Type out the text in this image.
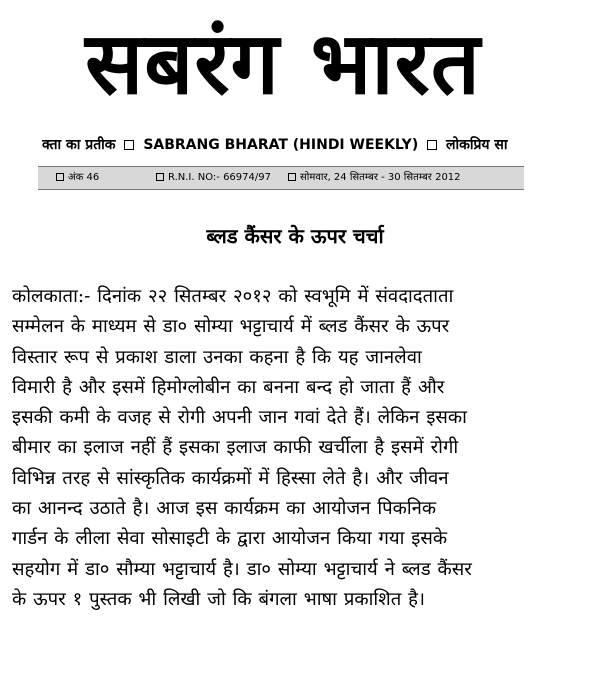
सबरंग भारत
क्ता का प्रतीक SABRANG BHARAT (HINDI WEEKLY) लोकप्रिय सा
अंक 46	R.N.I. NO:- 66974/97	सोमवार, 24 सितम्बर - 30 सितम्बर 2012
ब्लड कैंसर के ऊपर चर्चा
कोलकाता:- दिनांक २२ सितम्बर २०१२ को स्वभूमि में संवदादताता
सम्मेलन के माध्यम से डा० सोम्या भट्टाचार्य में ब्लड कैंसर के ऊपर
विस्तार रूप से प्रकाश डाला उनका कहना है कि यह जानलेवा
विमारी है और इसमें हिमोग्लोबीन का बनना बन्द हो जाता हैं और
इसकी कमी के वजह से रोगी अपनी जान गवां देते हैं। लेकिन इसका
बीमार का इलाज नहीं हैं इसका इलाज काफी खर्चीला है इसमें रोगी
विभिन्न तरह से सांस्कृतिक कार्यक्रमों में हिस्सा लेते है। और जीवन
का आनन्द उठाते है। आज इस कार्यक्रम का आयोजन पिकनिक
गार्डन के लीला सेवा सोसाइटी के द्वारा आयोजन किया गया इसके
सहयोग में डा० सौम्या भट्टाचार्य है। डा० सोम्या भट्टाचार्य ने ब्लड कैंसर
के ऊपर १ पुस्तक भी लिखी जो कि बंगला भाषा प्रकाशित है।
